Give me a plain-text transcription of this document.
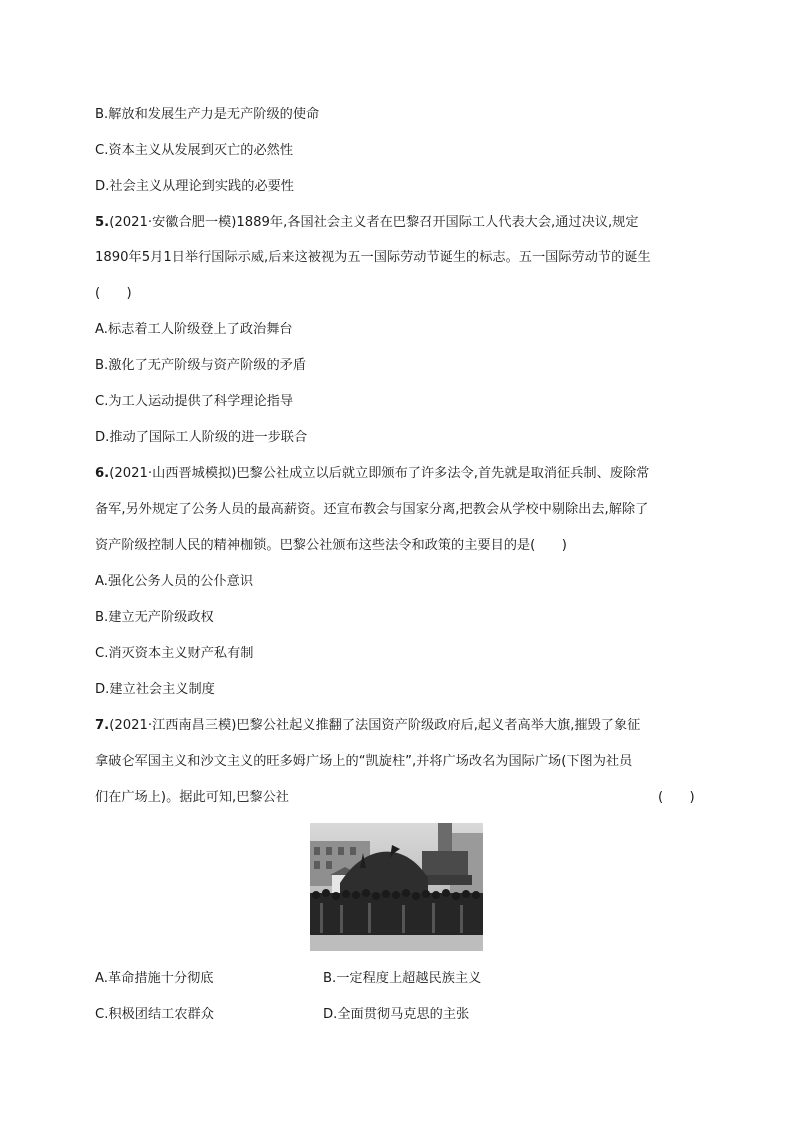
B.解放和发展生产力是无产阶级的使命
C.资本主义从发展到灭亡的必然性
D.社会主义从理论到实践的必要性
5.(2021·安徽合肥一模)1889年,各国社会主义者在巴黎召开国际工人代表大会,通过决议,规定
1890年5月1日举行国际示威,后来这被视为五一国际劳动节诞生的标志。五一国际劳动节的诞生
(　　)
A.标志着工人阶级登上了政治舞台
B.激化了无产阶级与资产阶级的矛盾
C.为工人运动提供了科学理论指导
D.推动了国际工人阶级的进一步联合
6.(2021·山西晋城模拟)巴黎公社成立以后就立即颁布了许多法令,首先就是取消征兵制、废除常
备军,另外规定了公务人员的最高薪资。还宣布教会与国家分离,把教会从学校中剔除出去,解除了
资产阶级控制人民的精神枷锁。巴黎公社颁布这些法令和政策的主要目的是(　　)
A.强化公务人员的公仆意识
B.建立无产阶级政权
C.消灭资本主义财产私有制
D.建立社会主义制度
7.(2021·江西南昌三模)巴黎公社起义推翻了法国资产阶级政府后,起义者高举大旗,摧毁了象征
拿破仑军国主义和沙文主义的旺多姆广场上的“凯旋柱”,并将广场改名为国际广场(下图为社员
们在广场上)。据此可知,巴黎公社	(　　)
A.革命措施十分彻底	B.一定程度上超越民族主义
C.积极团结工农群众	D.全面贯彻马克思的主张
